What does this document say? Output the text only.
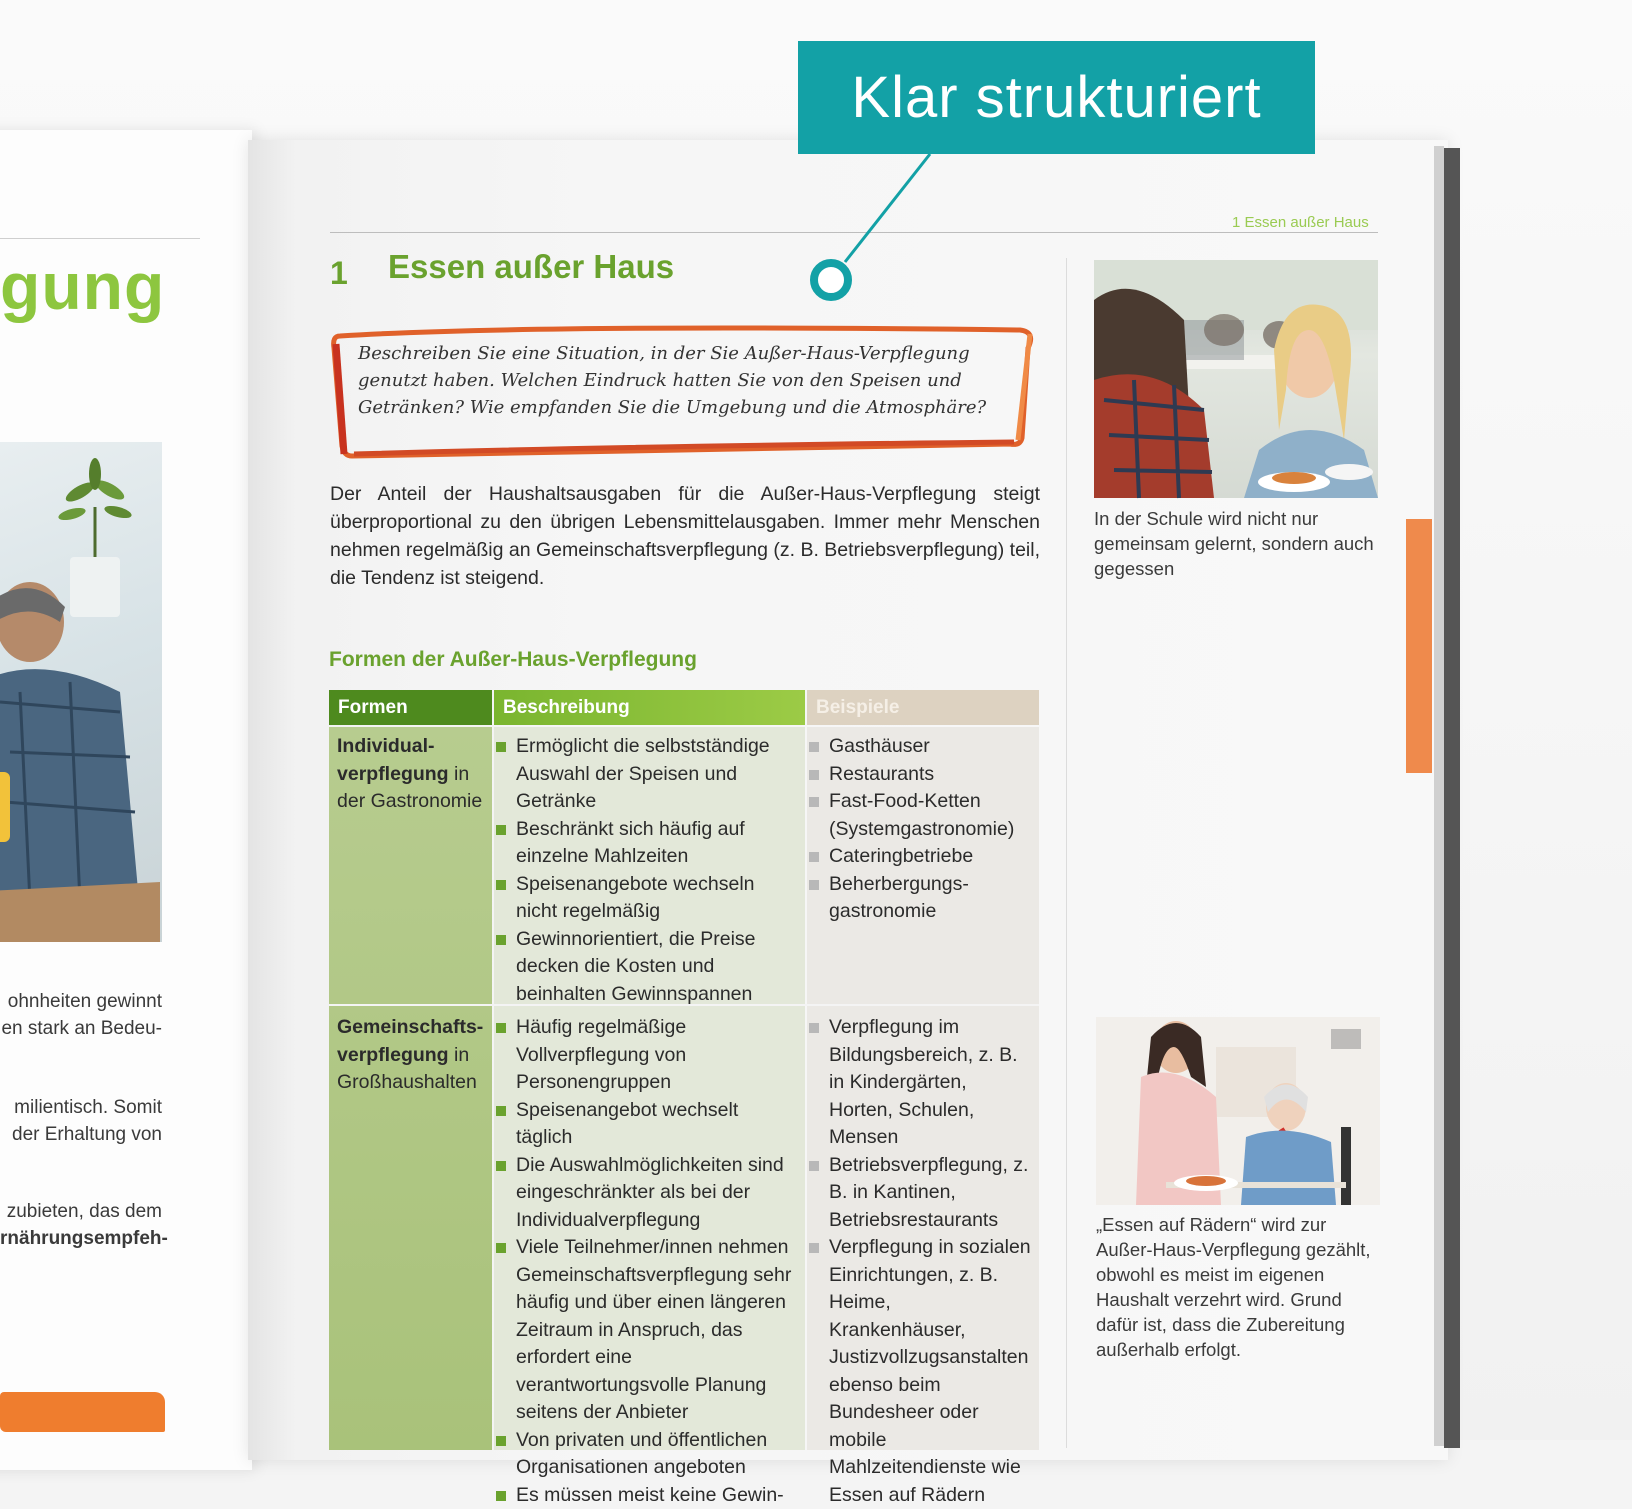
gung
ohnheiten gewinnt
en stark an Bedeu-
milientisch. Somit
der Erhaltung von
zubieten, das dem
rnährungsempfeh-
1 Essen außer Haus
1 Essen außer Haus
Klar strukturiert
Beschreiben Sie eine Situation, in der Sie Außer-Haus-Verpflegung genutzt haben. Welchen Eindruck hatten Sie von den Speisen und Getränken? Wie empfanden Sie die Umgebung und die Atmosphäre?
Der Anteil der Haushaltsausgaben für die Außer-Haus-Verpflegung steigt überproportional zu den übrigen Lebensmittelausgaben. Immer mehr Menschen nehmen regelmäßig an Gemeinschaftsverpflegung (z. B. Betriebsverpflegung) teil, die Tendenz ist steigend.
Formen der Außer-Haus-Verpflegung
Formen	Beschreibung	Beispiele
Individual-verpflegung in der Gastronomie
Ermöglicht die selbstständige Auswahl der Speisen und Getränke
Beschränkt sich häufig auf einzelne Mahlzeiten
Speisenangebote wechseln nicht regelmäßig
Gewinnorientiert, die Preise decken die Kosten und beinhalten Gewinnspannen
Gasthäuser
Restaurants
Fast-Food-Ketten (Systemgastronomie)
Cateringbetriebe
Beherbergungs-gastronomie
Gemeinschafts-verpflegung in Großhaushalten
Häufig regelmäßige Vollverpflegung von Personengruppen
Speisenangebot wechselt täglich
Die Auswahlmöglichkeiten sind eingeschränkter als bei der Individualverpflegung
Viele Teilnehmer/innen nehmen Gemeinschaftsverpflegung sehr häufig und über einen längeren Zeitraum in Anspruch, das erfordert eine verantwortungsvolle Planung seitens der Anbieter
Von privaten und öffentlichen Organisationen angeboten
Es müssen meist keine Gewin-
Verpflegung im Bildungsbereich, z. B. in Kindergärten, Horten, Schulen, Mensen
Betriebsverpflegung, z. B. in Kantinen, Betriebsrestaurants
Verpflegung in sozialen Einrichtungen, z. B. Heime, Krankenhäuser, Justizvollzugsanstalten ebenso beim Bundesheer oder mobile Mahlzeitendienste wie Essen auf Rädern
In der Schule wird nicht nur gemeinsam gelernt, sondern auch gegessen
„Essen auf Rädern“ wird zur Außer-Haus-Verpflegung gezählt, obwohl es meist im eigenen Haushalt verzehrt wird. Grund dafür ist, dass die Zubereitung außerhalb erfolgt.
